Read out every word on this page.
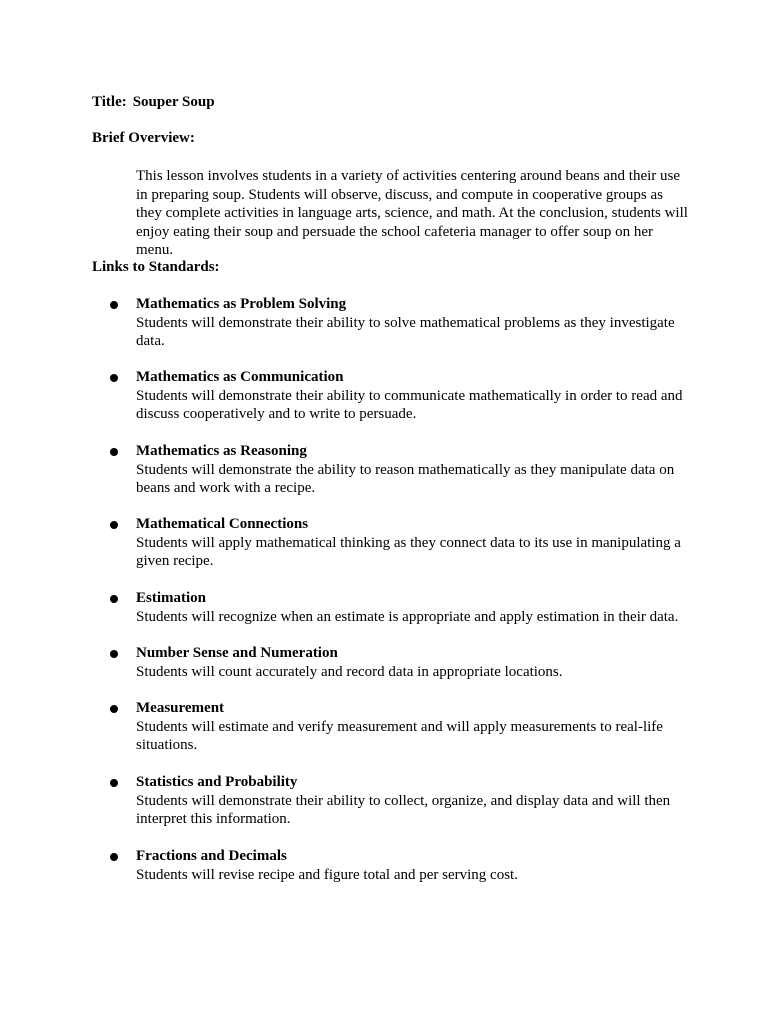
Title: Souper Soup
Brief Overview:

This lesson involves students in a variety of activities centering around beans and their use in preparing soup. Students will observe, discuss, and compute in cooperative groups as they complete activities in language arts, science, and math. At the conclusion, students will enjoy eating their soup and persuade the school cafeteria manager to offer soup on her menu.

Links to Standards:
Mathematics as Problem Solving

Students will demonstrate their ability to solve mathematical problems as they investigate data.

Mathematics as Communication

Students will demonstrate their ability to communicate mathematically in order to read and discuss cooperatively and to write to persuade.

Mathematics as Reasoning

Students will demonstrate the ability to reason mathematically as they manipulate data on beans and work with a recipe.

Mathematical Connections

Students will apply mathematical thinking as they connect data to its use in manipulating a given recipe.

Estimation

Students will recognize when an estimate is appropriate and apply estimation in their data.

Number Sense and Numeration

Students will count accurately and record data in appropriate locations.

Measurement

Students will estimate and verify measurement and will apply measurements to real-life situations.

Statistics and Probability

Students will demonstrate their ability to collect, organize, and display data and will then interpret this information.

Fractions and Decimals

Students will revise recipe and figure total and per serving cost.
